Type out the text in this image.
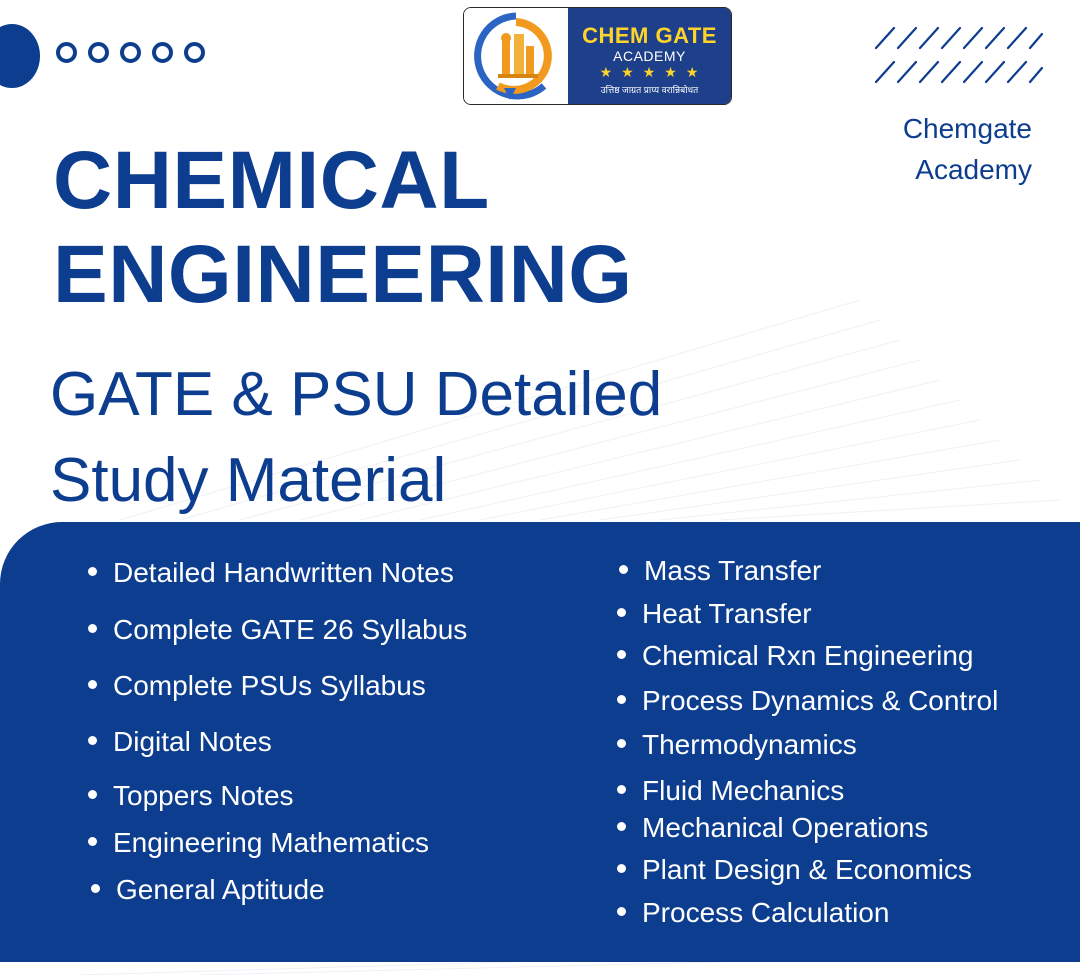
CHEM GATE
ACADEMY
★★★★★
उत्तिष्ठ जाग्रत प्राप्य वरान्निबोधत
Chemgate
Academy
CHEMICAL
ENGINEERING
GATE & PSU Detailed
Study Material
Detailed Handwritten Notes
Complete GATE 26 Syllabus
Complete PSUs Syllabus
Digital Notes
Toppers Notes
Engineering Mathematics
General Aptitude
Mass Transfer
Heat Transfer
Chemical Rxn Engineering
Process Dynamics & Control
Thermodynamics
Fluid Mechanics
Mechanical Operations
Plant Design & Economics
Process Calculation
